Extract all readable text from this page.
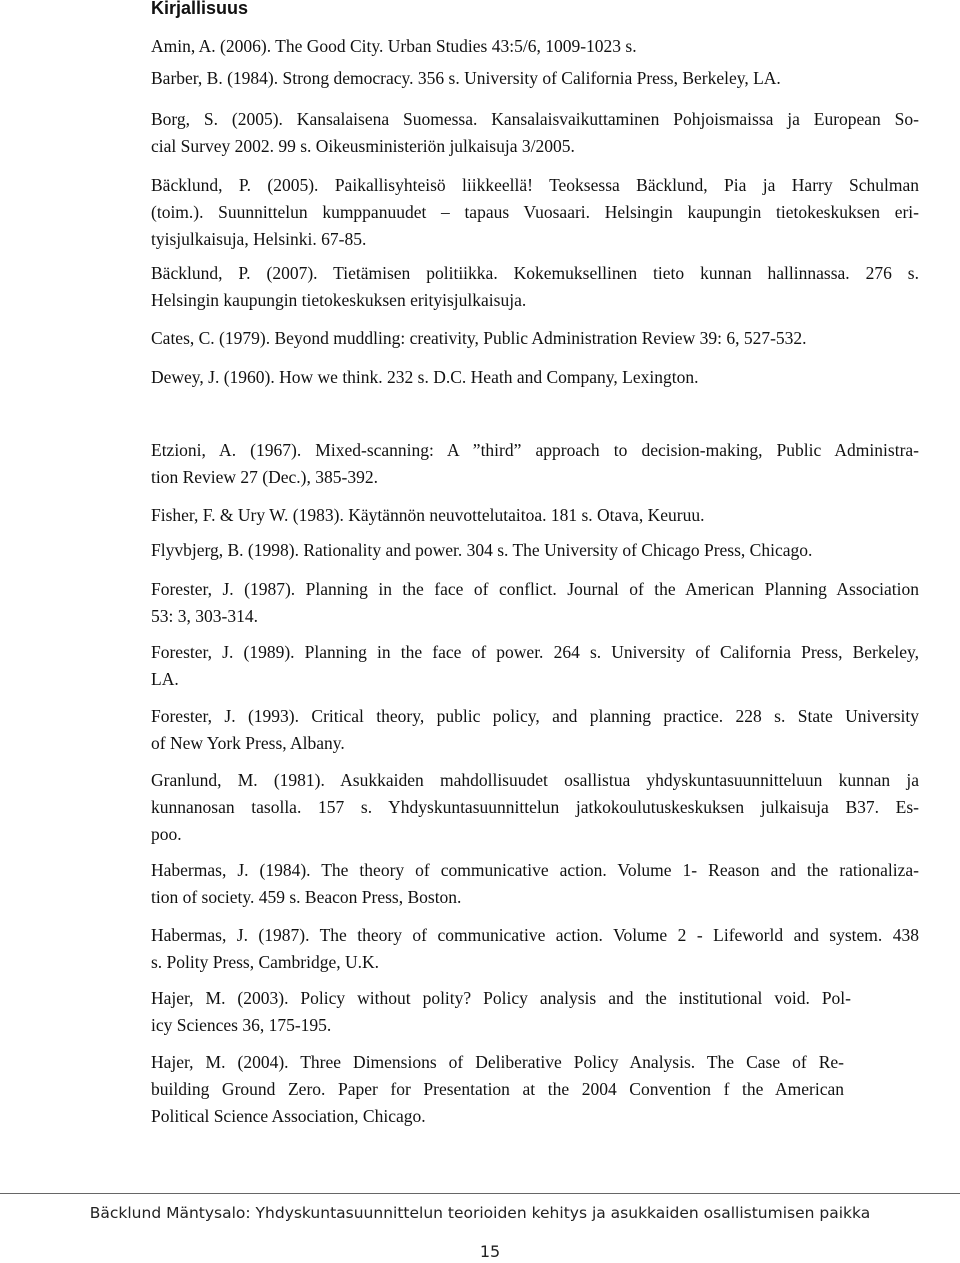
Kirjallisuus
Amin, A. (2006). The Good City. Urban Studies 43:5/6, 1009-1023 s.
Barber, B. (1984). Strong democracy. 356 s. University of California Press, Berkeley, LA.
Borg, S. (2005). Kansalaisena Suomessa. Kansalaisvaikuttaminen Pohjoismaissa ja European So-
cial Survey 2002. 99 s. Oikeusministeriön julkaisuja 3/2005.
Bäcklund, P. (2005). Paikallisyhteisö liikkeellä! Teoksessa Bäcklund, Pia ja Harry Schulman
(toim.). Suunnittelun kumppanuudet – tapaus Vuosaari. Helsingin kaupungin tietokeskuksen eri-
tyisjulkaisuja, Helsinki. 67-85.
Bäcklund, P. (2007). Tietämisen politiikka. Kokemuksellinen tieto kunnan hallinnassa. 276 s.
Helsingin kaupungin tietokeskuksen erityisjulkaisuja.
Cates, C. (1979). Beyond muddling: creativity, Public Administration Review 39: 6, 527-532.
Dewey, J. (1960). How we think. 232 s. D.C. Heath and Company, Lexington.
Etzioni, A. (1967). Mixed-scanning: A ”third” approach to decision-making, Public Administra-
tion Review 27 (Dec.), 385-392.
Fisher, F. & Ury W. (1983). Käytännön neuvottelutaitoa. 181 s. Otava, Keuruu.
Flyvbjerg, B. (1998). Rationality and power. 304 s. The University of Chicago Press, Chicago.
Forester, J. (1987). Planning in the face of conflict. Journal of the American Planning Association
53: 3, 303-314.
Forester, J. (1989). Planning in the face of power. 264 s. University of California Press, Berkeley,
LA.
Forester, J. (1993). Critical theory, public policy, and planning practice. 228 s. State University
of New York Press, Albany.
Granlund, M. (1981). Asukkaiden mahdollisuudet osallistua yhdyskuntasuunnitteluun kunnan ja
kunnanosan tasolla. 157 s. Yhdyskuntasuunnittelun jatkokoulutuskeskuksen julkaisuja B37. Es-
poo.
Habermas, J. (1984). The theory of communicative action. Volume 1- Reason and the rationaliza-
tion of society. 459 s. Beacon Press, Boston.
Habermas, J. (1987). The theory of communicative action. Volume 2 - Lifeworld and system. 438
s. Polity Press, Cambridge, U.K.
Hajer, M. (2003). Policy without polity? Policy analysis and the institutional void. Pol-
icy Sciences 36, 175-195.
Hajer, M. (2004). Three Dimensions of Deliberative Policy Analysis. The Case of Re-
building Ground Zero. Paper for Presentation at the 2004 Convention f the American
Political Science Association, Chicago.
Bäcklund Mäntysalo: Yhdyskuntasuunnittelun teorioiden kehitys ja asukkaiden osallistumisen paikka
15
